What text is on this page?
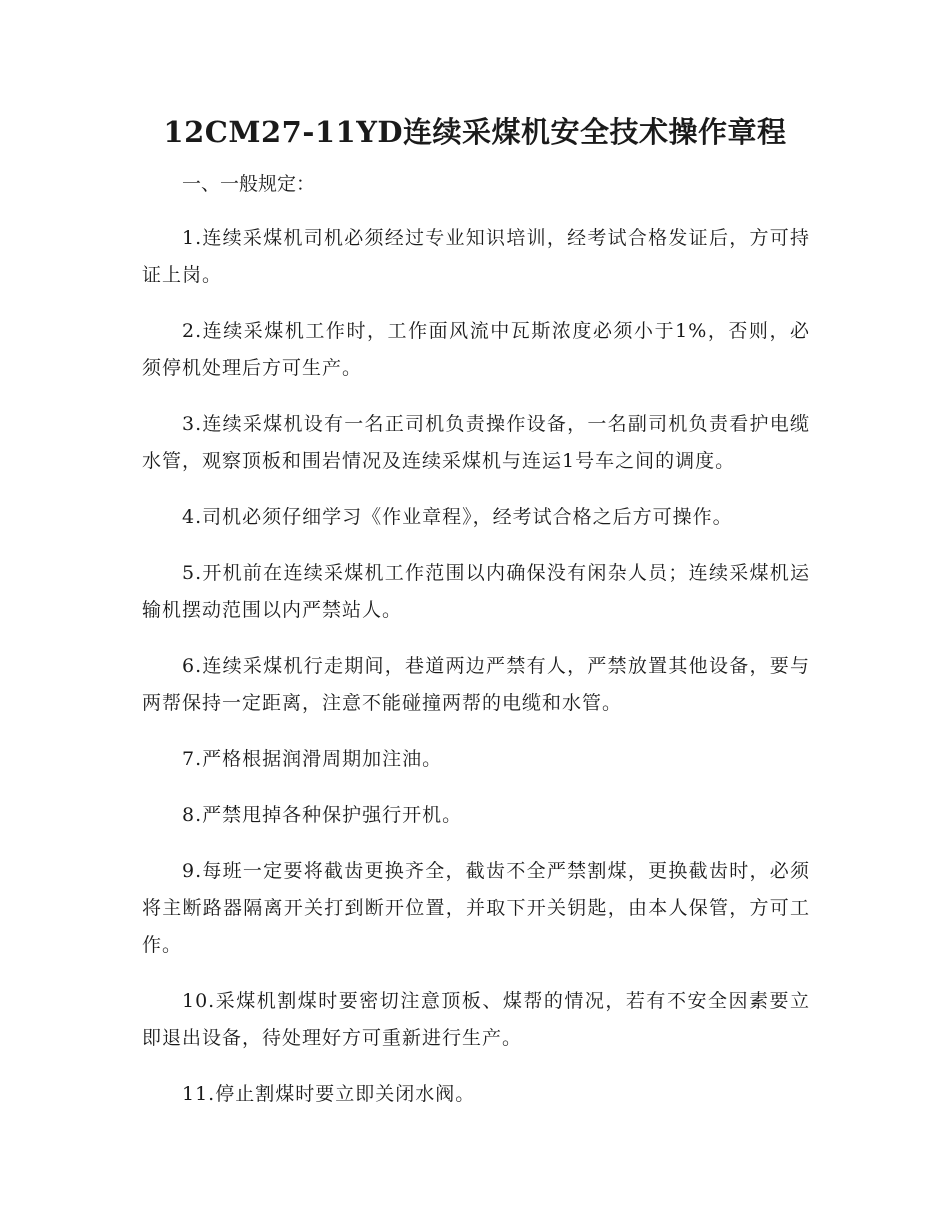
12CM27-11YD连续采煤机安全技术操作章程

一、一般规定：

1.连续采煤机司机必须经过专业知识培训，经考试合格发证后，方可持证上岗。

2.连续采煤机工作时，工作面风流中瓦斯浓度必须小于1%，否则，必须停机处理后方可生产。

3.连续采煤机设有一名正司机负责操作设备，一名副司机负责看护电缆水管，观察顶板和围岩情况及连续采煤机与连运1号车之间的调度。

4.司机必须仔细学习《作业章程》，经考试合格之后方可操作。

5.开机前在连续采煤机工作范围以内确保没有闲杂人员；连续采煤机运输机摆动范围以内严禁站人。

6.连续采煤机行走期间，巷道两边严禁有人，严禁放置其他设备，要与两帮保持一定距离，注意不能碰撞两帮的电缆和水管。

7.严格根据润滑周期加注油。

8.严禁甩掉各种保护强行开机。

9.每班一定要将截齿更换齐全，截齿不全严禁割煤，更换截齿时，必须将主断路器隔离开关打到断开位置，并取下开关钥匙，由本人保管，方可工作。

10.采煤机割煤时要密切注意顶板、煤帮的情况，若有不安全因素要立即退出设备，待处理好方可重新进行生产。

11.停止割煤时要立即关闭水阀。
